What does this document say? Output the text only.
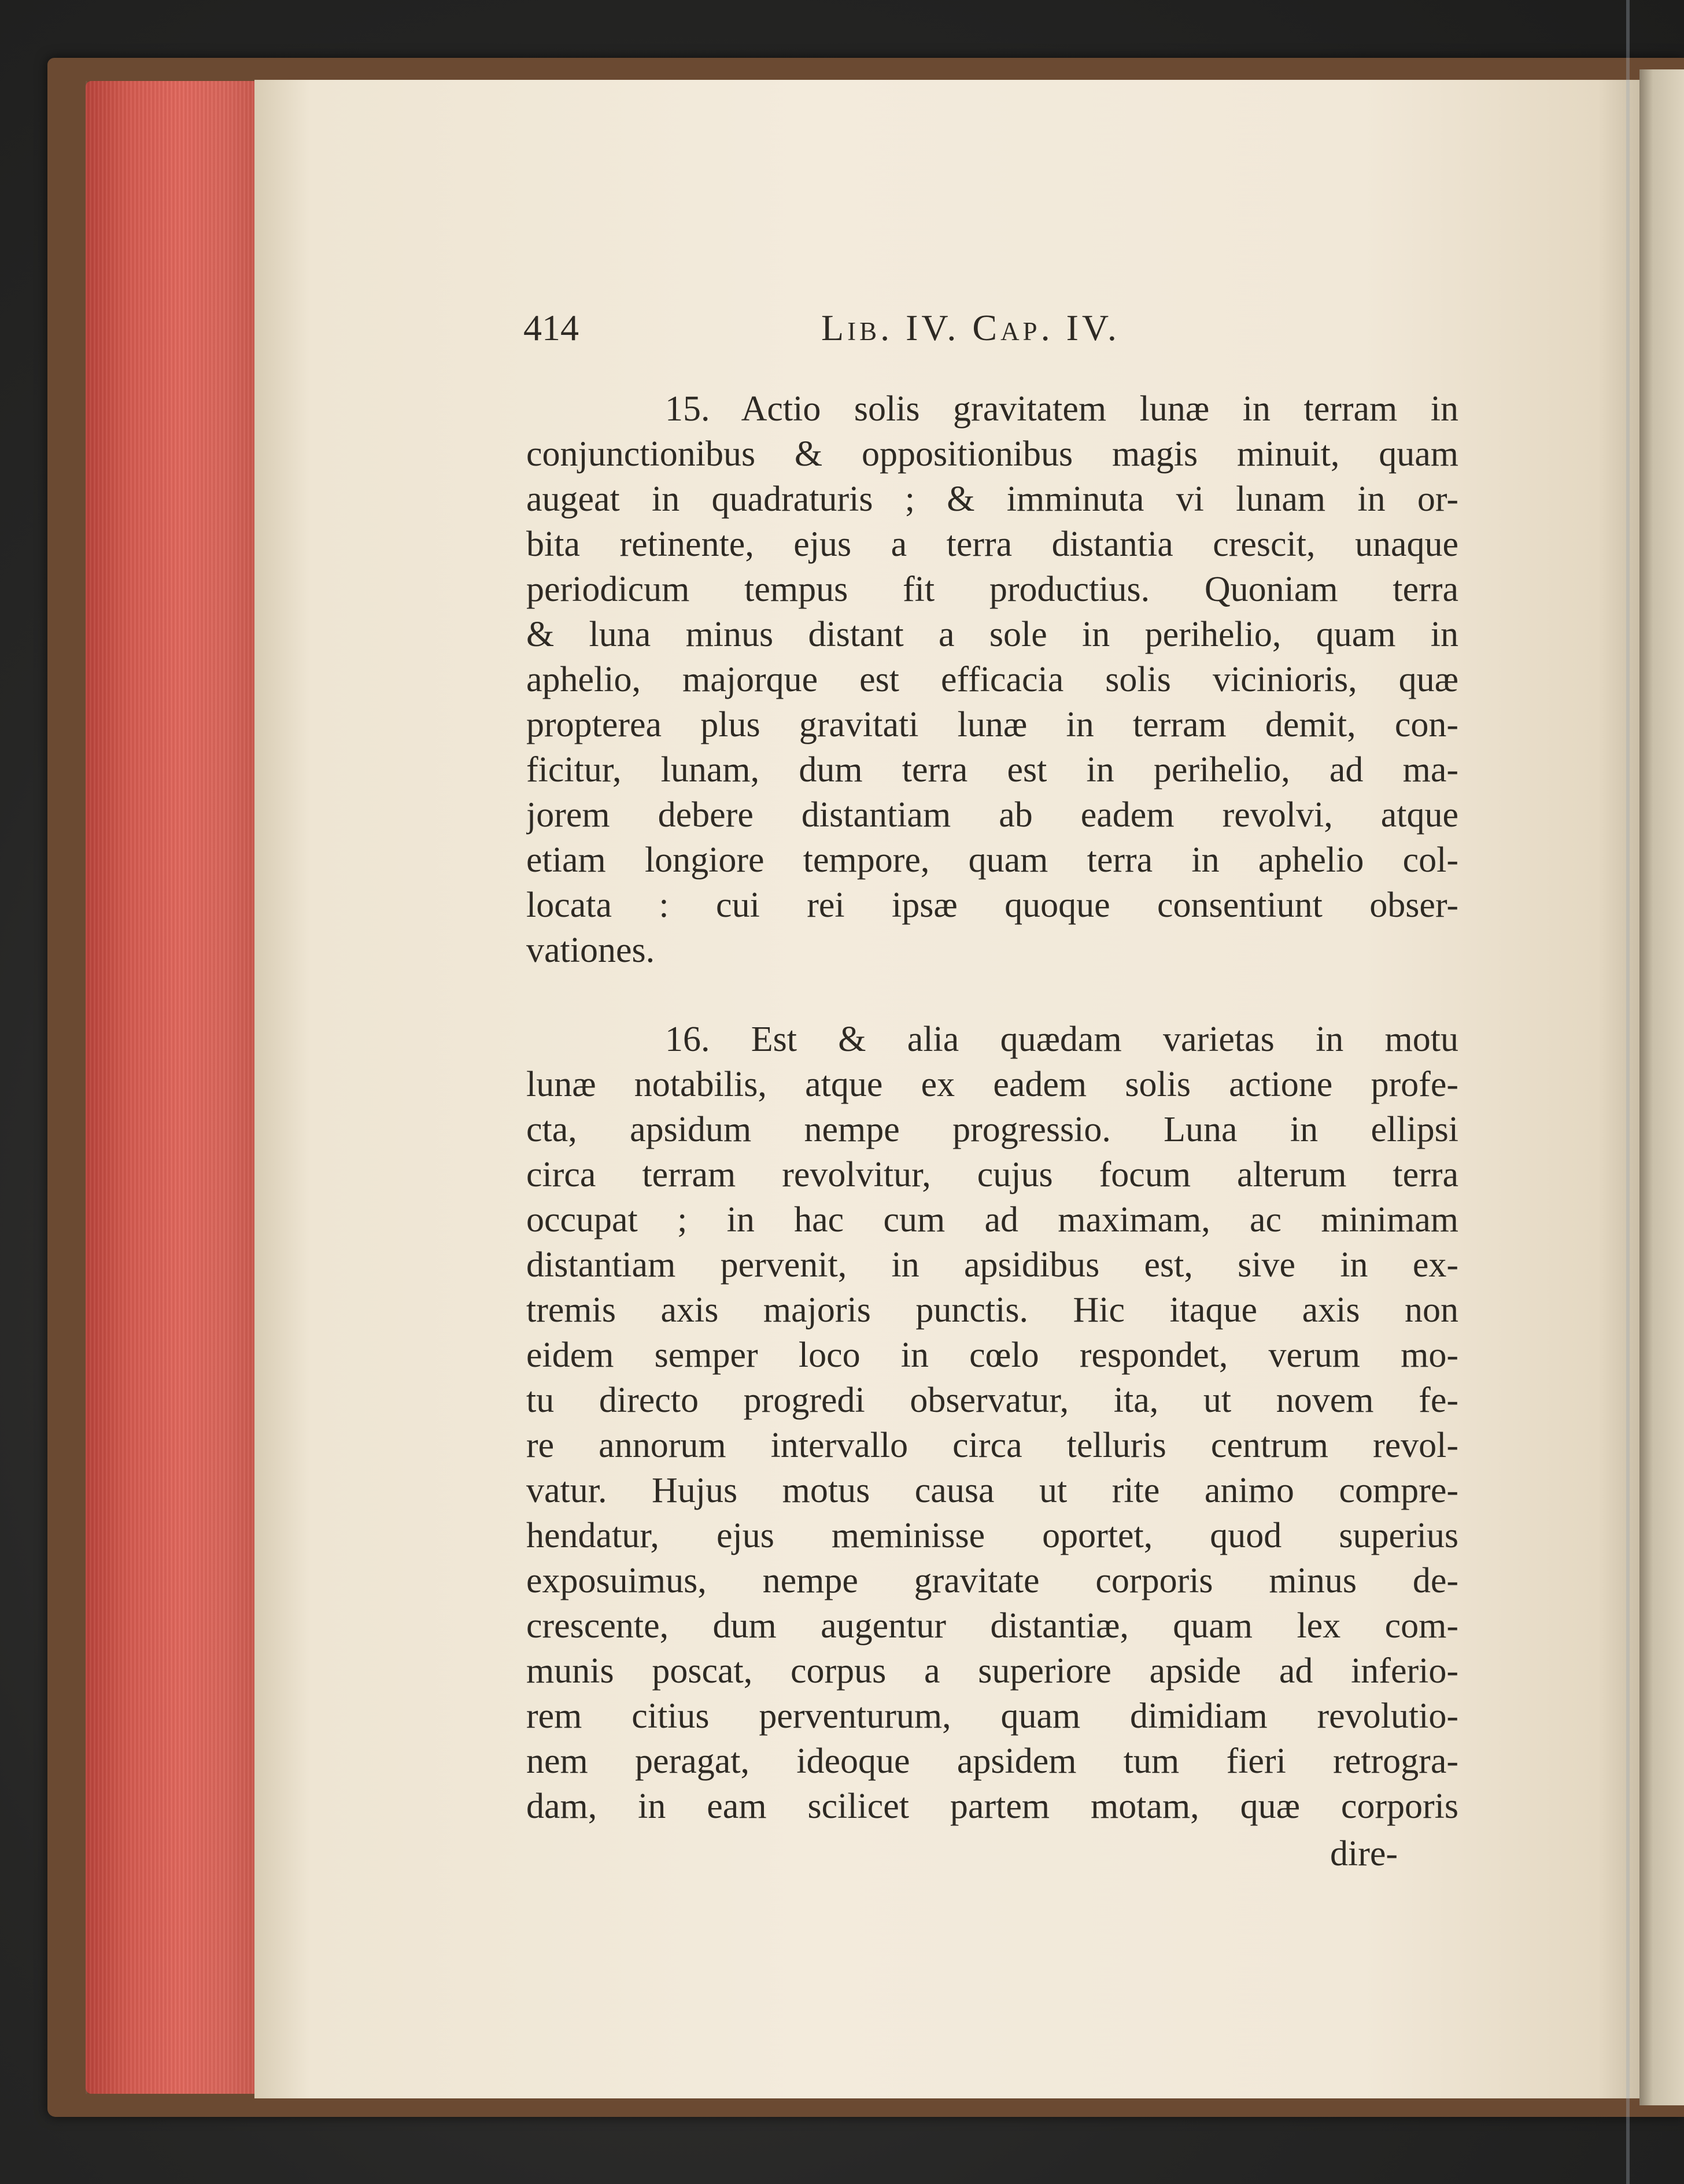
414	Lib. IV. Cap. IV.
15. Actio solis gravitatem lunæ in terram in
conjunctionibus & oppositionibus magis minuit, quam
augeat in quadraturis ; & imminuta vi lunam in or-
bita retinente, ejus a terra distantia crescit, unaque
periodicum tempus fit productius. Quoniam terra
& luna minus distant a sole in perihelio, quam in
aphelio, majorque est efficacia solis vicinioris, quæ
propterea plus gravitati lunæ in terram demit, con-
ficitur, lunam, dum terra est in perihelio, ad ma-
jorem debere distantiam ab eadem revolvi, atque
etiam longiore tempore, quam terra in aphelio col-
locata : cui rei ipsæ quoque consentiunt obser-
vationes.
16. Est & alia quædam varietas in motu
lunæ notabilis, atque ex eadem solis actione profe-
cta, apsidum nempe progressio. Luna in ellipsi
circa terram revolvitur, cujus focum alterum terra
occupat ; in hac cum ad maximam, ac minimam
distantiam pervenit, in apsidibus est, sive in ex-
tremis axis majoris punctis. Hic itaque axis non
eidem semper loco in cœlo respondet, verum mo-
tu directo progredi observatur, ita, ut novem fe-
re annorum intervallo circa telluris centrum revol-
vatur. Hujus motus causa ut rite animo compre-
hendatur, ejus meminisse oportet, quod superius
exposuimus, nempe gravitate corporis minus de-
crescente, dum augentur distantiæ, quam lex com-
munis poscat, corpus a superiore apside ad inferio-
rem citius perventurum, quam dimidiam revolutio-
nem peragat, ideoque apsidem tum fieri retrogra-
dam, in eam scilicet partem motam, quæ corporis
dire-
